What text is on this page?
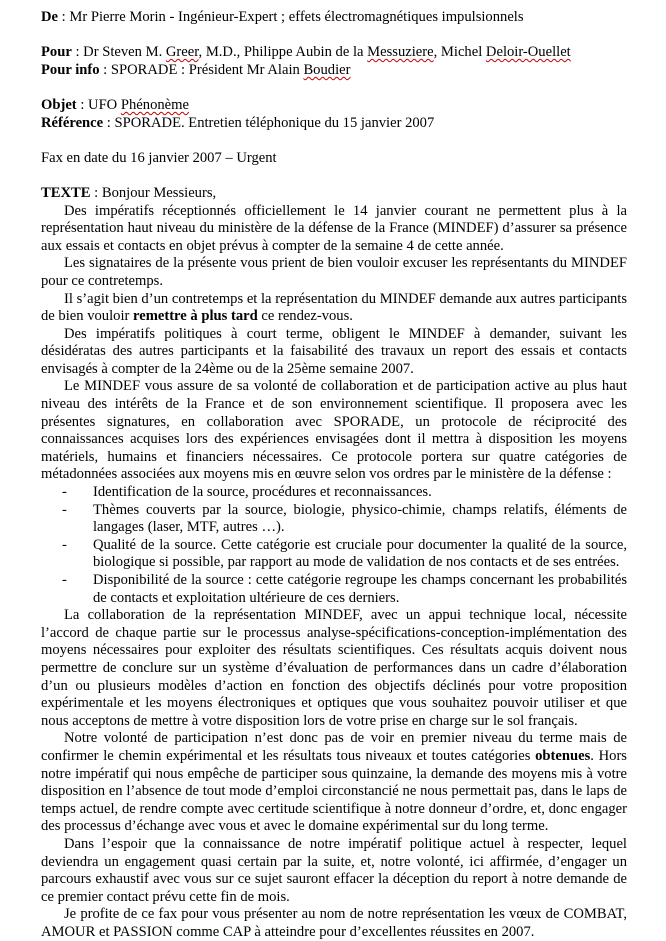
De : Mr Pierre Morin - Ingénieur-Expert ; effets électromagnétiques impulsionnels

Pour : Dr Steven M. Greer, M.D., Philippe Aubin de la Messuziere, Michel Deloir-Ouellet

Pour info : SPORADE : Président Mr Alain Boudier

Objet : UFO Phénonème

Référence : SPORADE. Entretien téléphonique du 15 janvier 2007

Fax en date du 16 janvier 2007 – Urgent

TEXTE : Bonjour Messieurs,

Des impératifs réceptionnés officiellement le 14 janvier courant ne permettent plus à la représentation haut niveau du ministère de la défense de la France (MINDEF) d’assurer sa présence aux essais et contacts en objet prévus à compter de la semaine 4 de cette année.

Les signataires de la présente vous prient de bien vouloir excuser les représentants du MINDEF pour ce contretemps.

Il s’agit bien d’un contretemps et la représentation du MINDEF demande aux autres participants de bien vouloir remettre à plus tard ce rendez-vous.

Des impératifs politiques à court terme, obligent le MINDEF à demander, suivant les désidératas des autres participants et la faisabilité des travaux un report des essais et contacts envisagés à compter de la 24ème ou de la 25ème semaine 2007.

Le MINDEF vous assure de sa volonté de collaboration et de participation active au plus haut niveau des intérêts de la France et de son environnement scientifique. Il proposera avec les présentes signatures, en collaboration avec SPORADE, un protocole de réciprocité des connaissances acquises lors des expériences envisagées dont il mettra à disposition les moyens matériels, humains et financiers nécessaires. Ce protocole portera sur quatre catégories de métadonnées associées aux moyens mis en œuvre selon vos ordres par le ministère de la défense :

- Identification de la source, procédures et reconnaissances.

- Thèmes couverts par la source, biologie, physico-chimie, champs relatifs, éléments de langages (laser, MTF, autres …).

- Qualité de la source. Cette catégorie est cruciale pour documenter la qualité de la source, biologique si possible, par rapport au mode de validation de nos contacts et de ses entrées.

- Disponibilité de la source : cette catégorie regroupe les champs concernant les probabilités de contacts et exploitation ultérieure de ces derniers.

La collaboration de la représentation MINDEF, avec un appui technique local, nécessite l’accord de chaque partie sur le processus analyse-spécifications-conception-implémentation des moyens nécessaires pour exploiter des résultats scientifiques. Ces résultats acquis doivent nous permettre de conclure sur un système d’évaluation de performances dans un cadre d’élaboration d’un ou plusieurs modèles d’action en fonction des objectifs déclinés pour votre proposition expérimentale et les moyens électroniques et optiques que vous souhaitez pouvoir utiliser et que nous acceptons de mettre à votre disposition lors de votre prise en charge sur le sol français.

Notre volonté de participation n’est donc pas de voir en premier niveau du terme mais de confirmer le chemin expérimental et les résultats tous niveaux et toutes catégories obtenues. Hors notre impératif qui nous empêche de participer sous quinzaine, la demande des moyens mis à votre disposition en l’absence de tout mode d’emploi circonstancié ne nous permettait pas, dans le laps de temps actuel, de rendre compte avec certitude scientifique à notre donneur d’ordre, et, donc engager des processus d’échange avec vous et avec le domaine expérimental sur du long terme.

Dans l’espoir que la connaissance de notre impératif politique actuel à respecter, lequel deviendra un engagement quasi certain par la suite, et, notre volonté, ici affirmée, d’engager un parcours exhaustif avec vous sur ce sujet sauront effacer la déception du report à notre demande de ce premier contact prévu cette fin de mois.

Je profite de ce fax pour vous présenter au nom de notre représentation les vœux de COMBAT, AMOUR et PASSION comme CAP à atteindre pour d’excellentes réussites en 2007.
